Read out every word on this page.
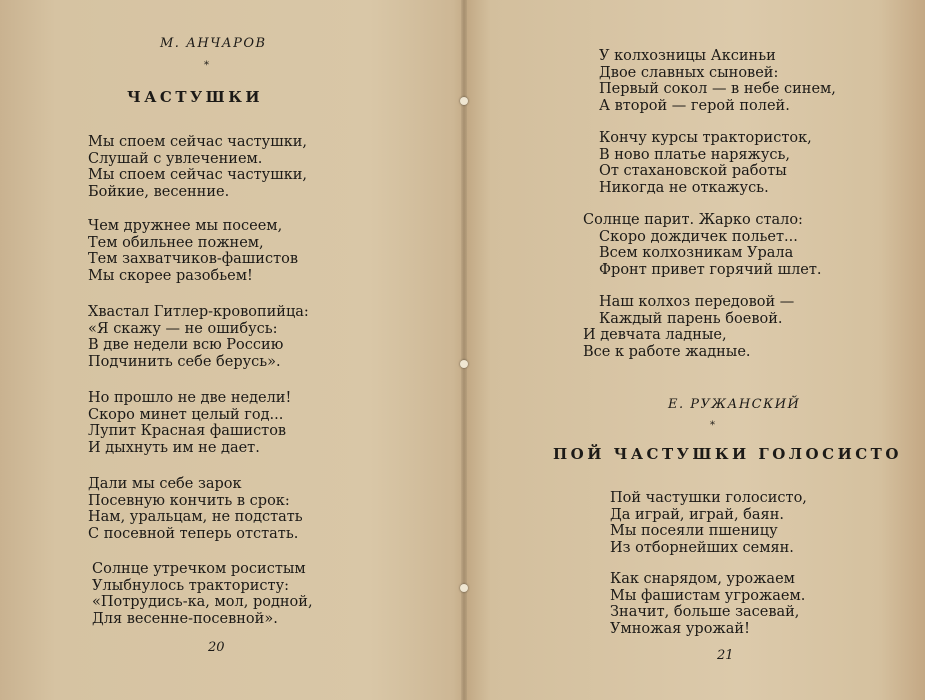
М. АНЧАРОВ
*
ЧАСТУШКИ
Мы споем сейчас частушки,
Слушай с увлечением.
Мы споем сейчас частушки,
Бойкие, весенние.
Чем дружнее мы посеем,
Тем обильнее пожнем,
Тем захватчиков-фашистов
Мы скорее разобьем!
Хвастал Гитлер-кровопийца:
«Я скажу — не ошибусь:
В две недели всю Россию
Подчинить себе берусь».
Но прошло не две недели!
Скоро минет целый год...
Лупит Красная фашистов
И дыхнуть им не дает.
Дали мы себе зарок
Посевную кончить в срок:
Нам, уральцам, не подстать
С посевной теперь отстать.
Солнце утречком росистым
Улыбнулось трактористу:
«Потрудись-ка, мол, родной,
Для весенне-посевной».
20
У колхозницы Аксиньи
Двое славных сыновей:
Первый сокол — в небе синем,
А второй — герой полей.
Кончу курсы трактористок,
В ново платье наряжусь,
От стахановской работы
Никогда не откажусь.
Солнце парит. Жарко стало:
Скоро дождичек польет...
Всем колхозникам Урала
Фронт привет горячий шлет.
Наш колхоз передовой —
Каждый парень боевой.
И девчата ладные,
Все к работе жадные.
Е. РУЖАНСКИЙ
*
ПОЙ ЧАСТУШКИ ГОЛОСИСТО
Пой частушки голосисто,
Да играй, играй, баян.
Мы посеяли пшеницу
Из отборнейших семян.
Как снарядом, урожаем
Мы фашистам угрожаем.
Значит, больше засевай,
Умножая урожай!
21
